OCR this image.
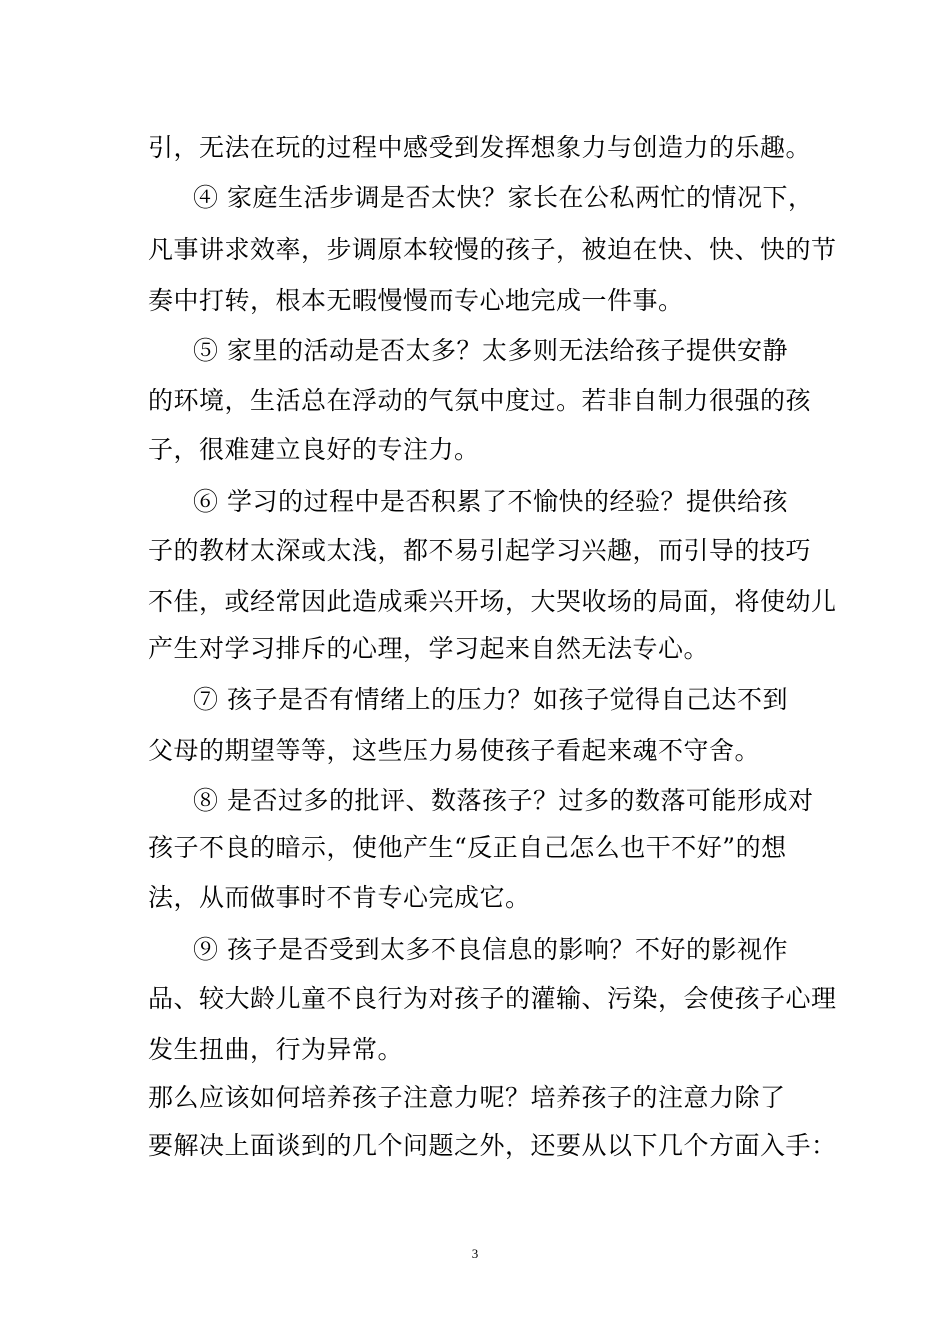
引，无法在玩的过程中感受到发挥想象力与创造力的乐趣。
④ 家庭生活步调是否太快？家长在公私两忙的情况下，
凡事讲求效率，步调原本较慢的孩子，被迫在快、快、快的节
奏中打转，根本无暇慢慢而专心地完成一件事。
⑤ 家里的活动是否太多？太多则无法给孩子提供安静
的环境，生活总在浮动的气氛中度过。若非自制力很强的孩
子，很难建立良好的专注力。
⑥ 学习的过程中是否积累了不愉快的经验？提供给孩
子的教材太深或太浅，都不易引起学习兴趣，而引导的技巧
不佳，或经常因此造成乘兴开场，大哭收场的局面，将使幼儿
产生对学习排斥的心理，学习起来自然无法专心。
⑦ 孩子是否有情绪上的压力？如孩子觉得自己达不到
父母的期望等等，这些压力易使孩子看起来魂不守舍。
⑧ 是否过多的批评、数落孩子？过多的数落可能形成对
孩子不良的暗示，使他产生“反正自己怎么也干不好”的想
法，从而做事时不肯专心完成它。
⑨ 孩子是否受到太多不良信息的影响？不好的影视作
品、较大龄儿童不良行为对孩子的灌输、污染，会使孩子心理
发生扭曲，行为异常。
那么应该如何培养孩子注意力呢？培养孩子的注意力除了
要解决上面谈到的几个问题之外，还要从以下几个方面入手：
3
